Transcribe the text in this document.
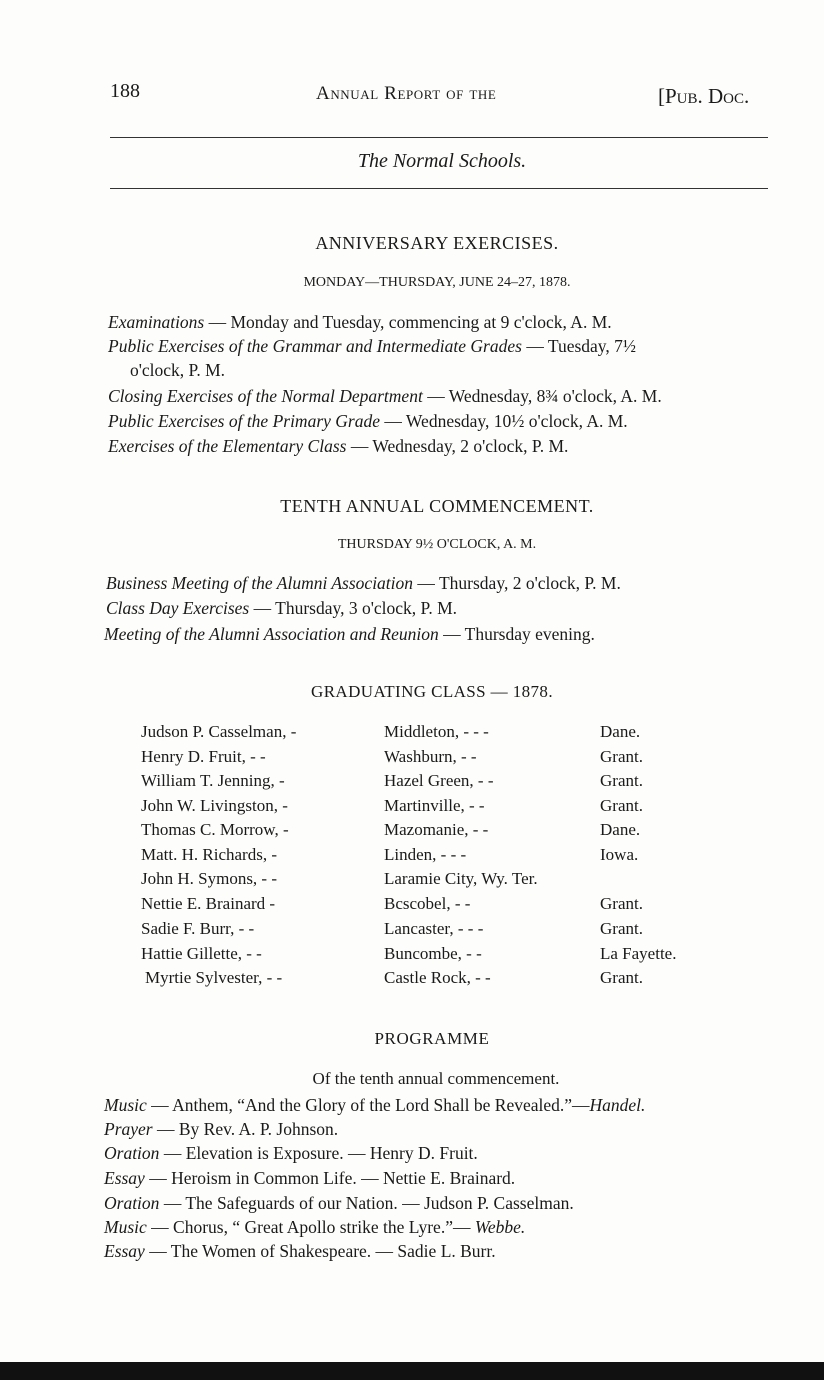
188	Annual Report of the	[Pub. Doc.
The Normal Schools.
ANNIVERSARY EXERCISES.
MONDAY—THURSDAY, JUNE 24–27, 1878.
Examinations — Monday and Tuesday, commencing at 9 c'clock, A. M.
Public Exercises of the Grammar and Intermediate Grades — Tuesday, 7½
o'clock, P. M.
Closing Exercises of the Normal Department — Wednesday, 8¾ o'clock, A. M.
Public Exercises of the Primary Grade — Wednesday, 10½ o'clock, A. M.
Exercises of the Elementary Class — Wednesday, 2 o'clock, P. M.
TENTH ANNUAL COMMENCEMENT.
THURSDAY 9½ O'CLOCK, A. M.
Business Meeting of the Alumni Association — Thursday, 2 o'clock, P. M.
Class Day Exercises — Thursday, 3 o'clock, P. M.
Meeting of the Alumni Association and Reunion — Thursday evening.
GRADUATING CLASS — 1878.
Judson P. Casselman, -	Middleton, - - -	Dane.
Henry D. Fruit, - -	Washburn, - -	Grant.
William T. Jenning, -	Hazel Green, - -	Grant.
John W. Livingston, -	Martinville, - -	Grant.
Thomas C. Morrow, -	Mazomanie, - -	Dane.
Matt. H. Richards, -	Linden, - - -	Iowa.
John H. Symons, - -	Laramie City, Wy. Ter.
Nettie E. Brainard -	Bcscobel, - -	Grant.
Sadie F. Burr, - -	Lancaster, - - -	Grant.
Hattie Gillette, - -	Buncombe, - -	La Fayette.
Myrtie Sylvester, - -	Castle Rock, - -	Grant.
PROGRAMME
Of the tenth annual commencement.
Music — Anthem, “And the Glory of the Lord Shall be Revealed.”—Handel.
Prayer — By Rev. A. P. Johnson.
Oration — Elevation is Exposure. — Henry D. Fruit.
Essay — Heroism in Common Life. — Nettie E. Brainard.
Oration — The Safeguards of our Nation. — Judson P. Casselman.
Music — Chorus, “ Great Apollo strike the Lyre.”— Webbe.
Essay — The Women of Shakespeare. — Sadie L. Burr.
